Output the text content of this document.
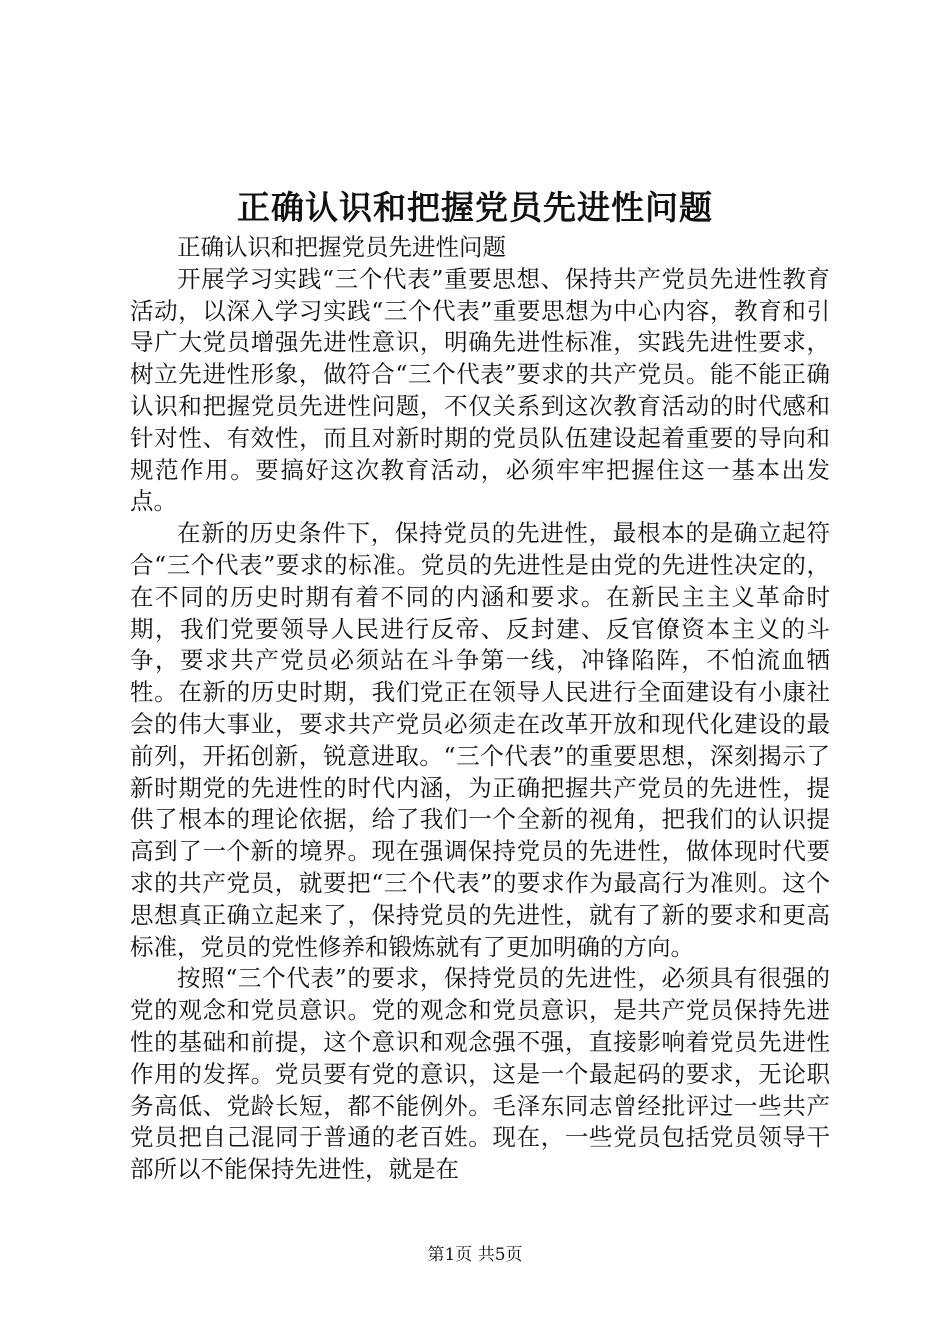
正确认识和把握党员先进性问题

正确认识和把握党员先进性问题

开展学习实践“三个代表”重要思想、保持共产党员先进性教育活动，以深入学习实践“三个代表”重要思想为中心内容，教育和引导广大党员增强先进性意识，明确先进性标准，实践先进性要求，树立先进性形象，做符合“三个代表”要求的共产党员。能不能正确认识和把握党员先进性问题，不仅关系到这次教育活动的时代感和针对性、有效性，而且对新时期的党员队伍建设起着重要的导向和规范作用。要搞好这次教育活动，必须牢牢把握住这一基本出发点。

在新的历史条件下，保持党员的先进性，最根本的是确立起符合“三个代表”要求的标准。党员的先进性是由党的先进性决定的，在不同的历史时期有着不同的内涵和要求。在新民主主义革命时期，我们党要领导人民进行反帝、反封建、反官僚资本主义的斗争，要求共产党员必须站在斗争第一线，冲锋陷阵，不怕流血牺牲。在新的历史时期，我们党正在领导人民进行全面建设有小康社会的伟大事业，要求共产党员必须走在改革开放和现代化建设的最前列，开拓创新，锐意进取。“三个代表”的重要思想，深刻揭示了新时期党的先进性的时代内涵，为正确把握共产党员的先进性，提供了根本的理论依据，给了我们一个全新的视角，把我们的认识提高到了一个新的境界。现在强调保持党员的先进性，做体现时代要求的共产党员，就要把“三个代表”的要求作为最高行为准则。这个思想真正确立起来了，保持党员的先进性，就有了新的要求和更高标准，党员的党性修养和锻炼就有了更加明确的方向。

按照“三个代表”的要求，保持党员的先进性，必须具有很强的党的观念和党员意识。党的观念和党员意识，是共产党员保持先进性的基础和前提，这个意识和观念强不强，直接影响着党员先进性作用的发挥。党员要有党的意识，这是一个最起码的要求，无论职务高低、党龄长短，都不能例外。毛泽东同志曾经批评过一些共产党员把自己混同于普通的老百姓。现在，一些党员包括党员领导干部所以不能保持先进性，就是在

第1页 共5页
